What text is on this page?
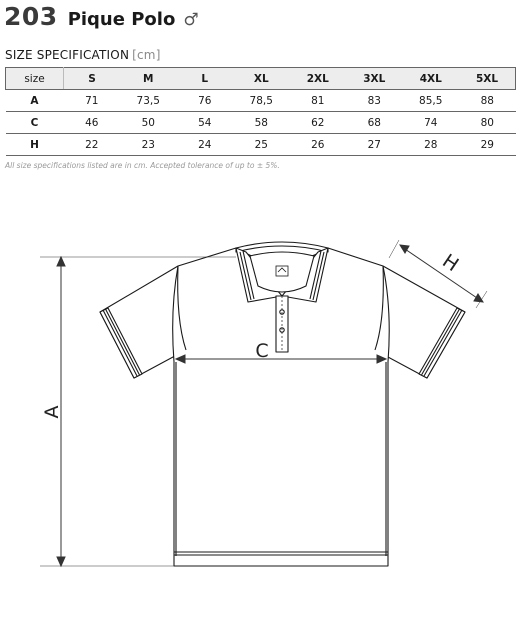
203 Pique Polo ♂
SIZE SPECIFICATION [cm]
size	S	M	L	XL	2XL	3XL	4XL	5XL
A	71	73,5	76	78,5	81	83	85,5	88
C	46	50	54	58	62	68	74	80
H	22	23	24	25	26	27	28	29
All size specifications listed are in cm. Accepted tolerance of up to ± 5%.
A
C
H
